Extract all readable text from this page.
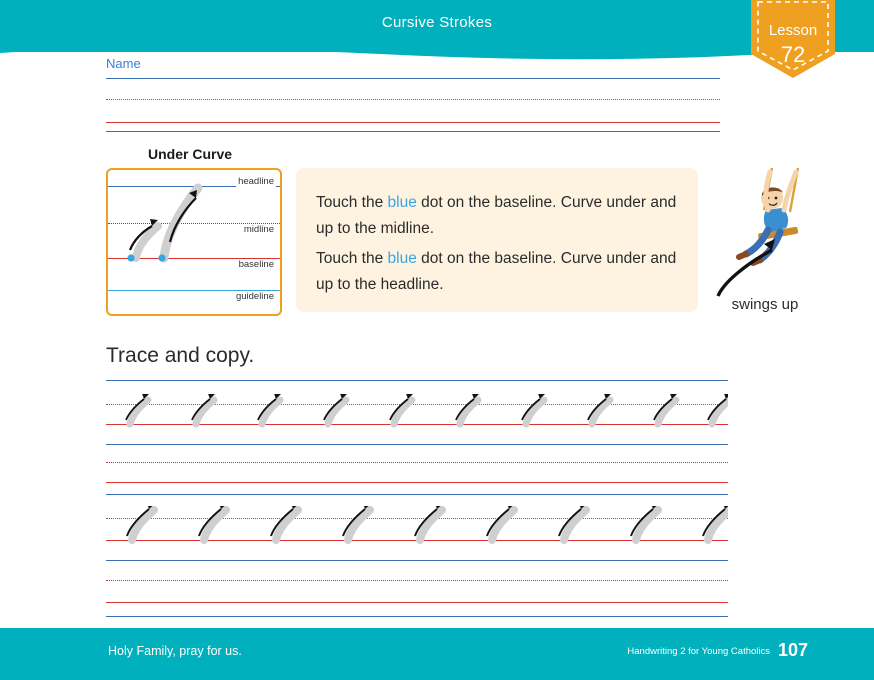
Cursive Strokes	Lesson
72
Name
Under Curve
headline
midline
baseline
guideline

Touch the blue dot on the baseline. Curve under and up to the midline.

Touch the blue dot on the baseline. Curve under and up to the headline.

swings up
Trace and copy.
Holy Family, pray for us.	Handwriting 2 for Young Catholics 107
